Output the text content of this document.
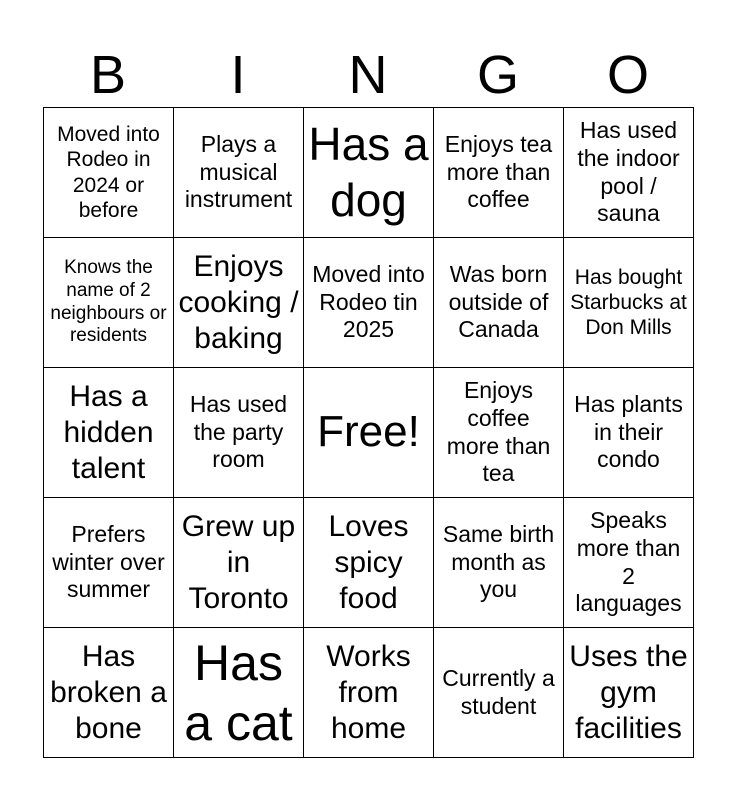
B	I	N	G	O
Moved into Rodeo in 2024 or before	Plays a musical instrument	Has a dog	Enjoys tea more than coffee	Has used the indoor pool / sauna
Knows the name of 2 neighbours or residents	Enjoys cooking / baking	Moved into Rodeo tin 2025	Was born outside of Canada	Has bought Starbucks at Don Mills
Has a hidden talent	Has used the party room	Free!	Enjoys coffee more than tea	Has plants in their condo
Prefers winter over summer	Grew up in Toronto	Loves spicy food	Same birth month as you	Speaks more than 2 languages
Has broken a bone	Has a cat	Works from home	Currently a student	Uses the gym facilities
